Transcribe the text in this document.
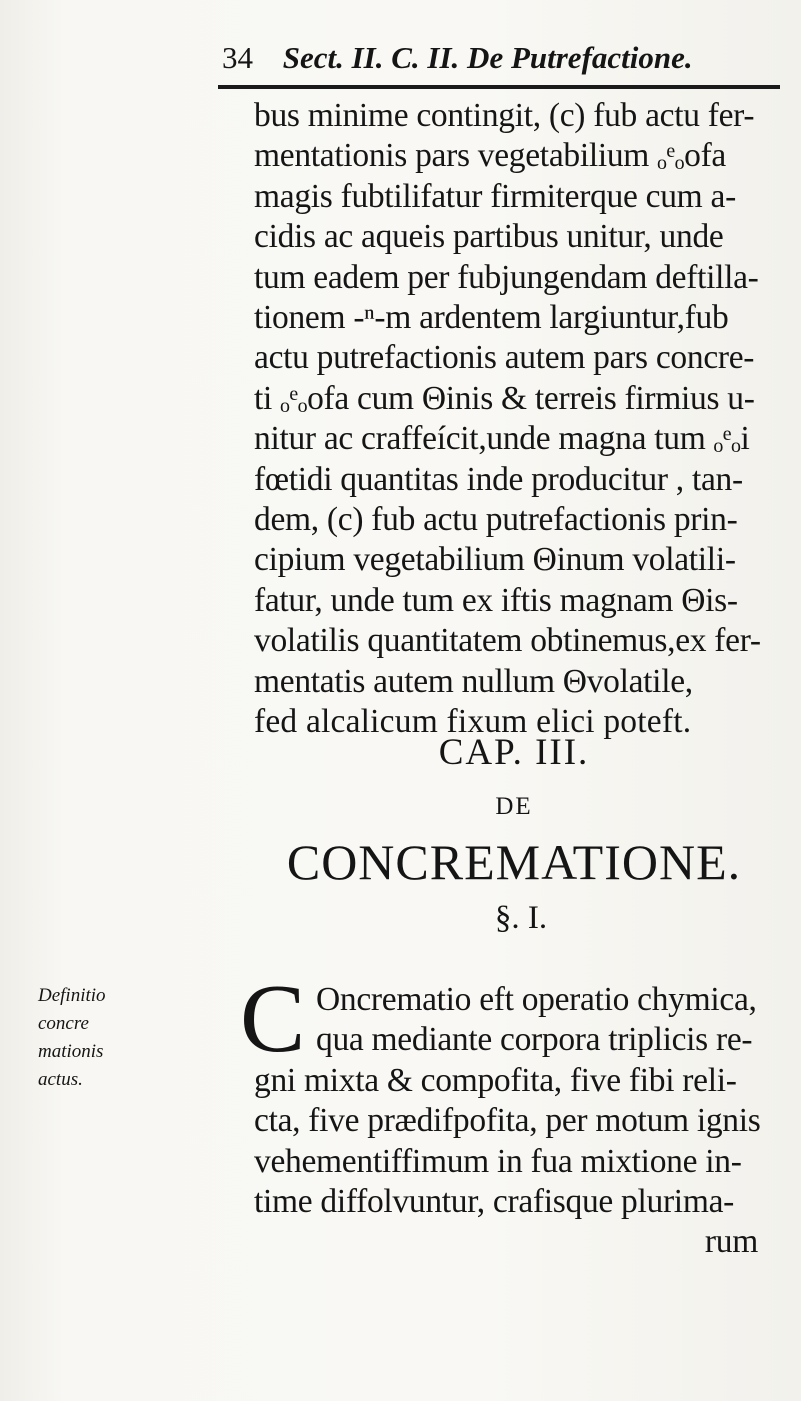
34 Sect. II. C. II. De Putrefactione.
bus minime contingit, (c) fub actu fer-
mentationis pars vegetabilium ₒᵉₒofa
magis fubtilifatur firmiterque cum a-
cidis ac aqueis partibus unitur, unde
tum eadem per fubjungendam deftilla-
tionem -ⁿ-m ardentem largiuntur,fub
actu putrefactionis autem pars concre-
ti ₒᵉₒofa cum Θinis & terreis firmius u-
nitur ac craffeícit,unde magna tum ₒᵉₒi
fœtidi quantitas inde producitur , tan-
dem, (c) fub actu putrefactionis prin-
cipium vegetabilium Θinum volatili-
fatur, unde tum ex iftis magnam Θis-
volatilis quantitatem obtinemus,ex fer-
mentatis autem nullum Θvolatile,
fed alcalicum fixum elici poteft.
CAP. III.
DE
CONCREMATIONE.
§. I.
Definitio
concre
mationis
actus.
C Oncrematio eft operatio chymica,
qua mediante corpora triplicis re-
gni mixta & compofita, five fibi reli-
cta, five prædifpofita, per motum ignis
vehementiffimum in fua mixtione in-
time diffolvuntur, crafisque plurima-
rum
